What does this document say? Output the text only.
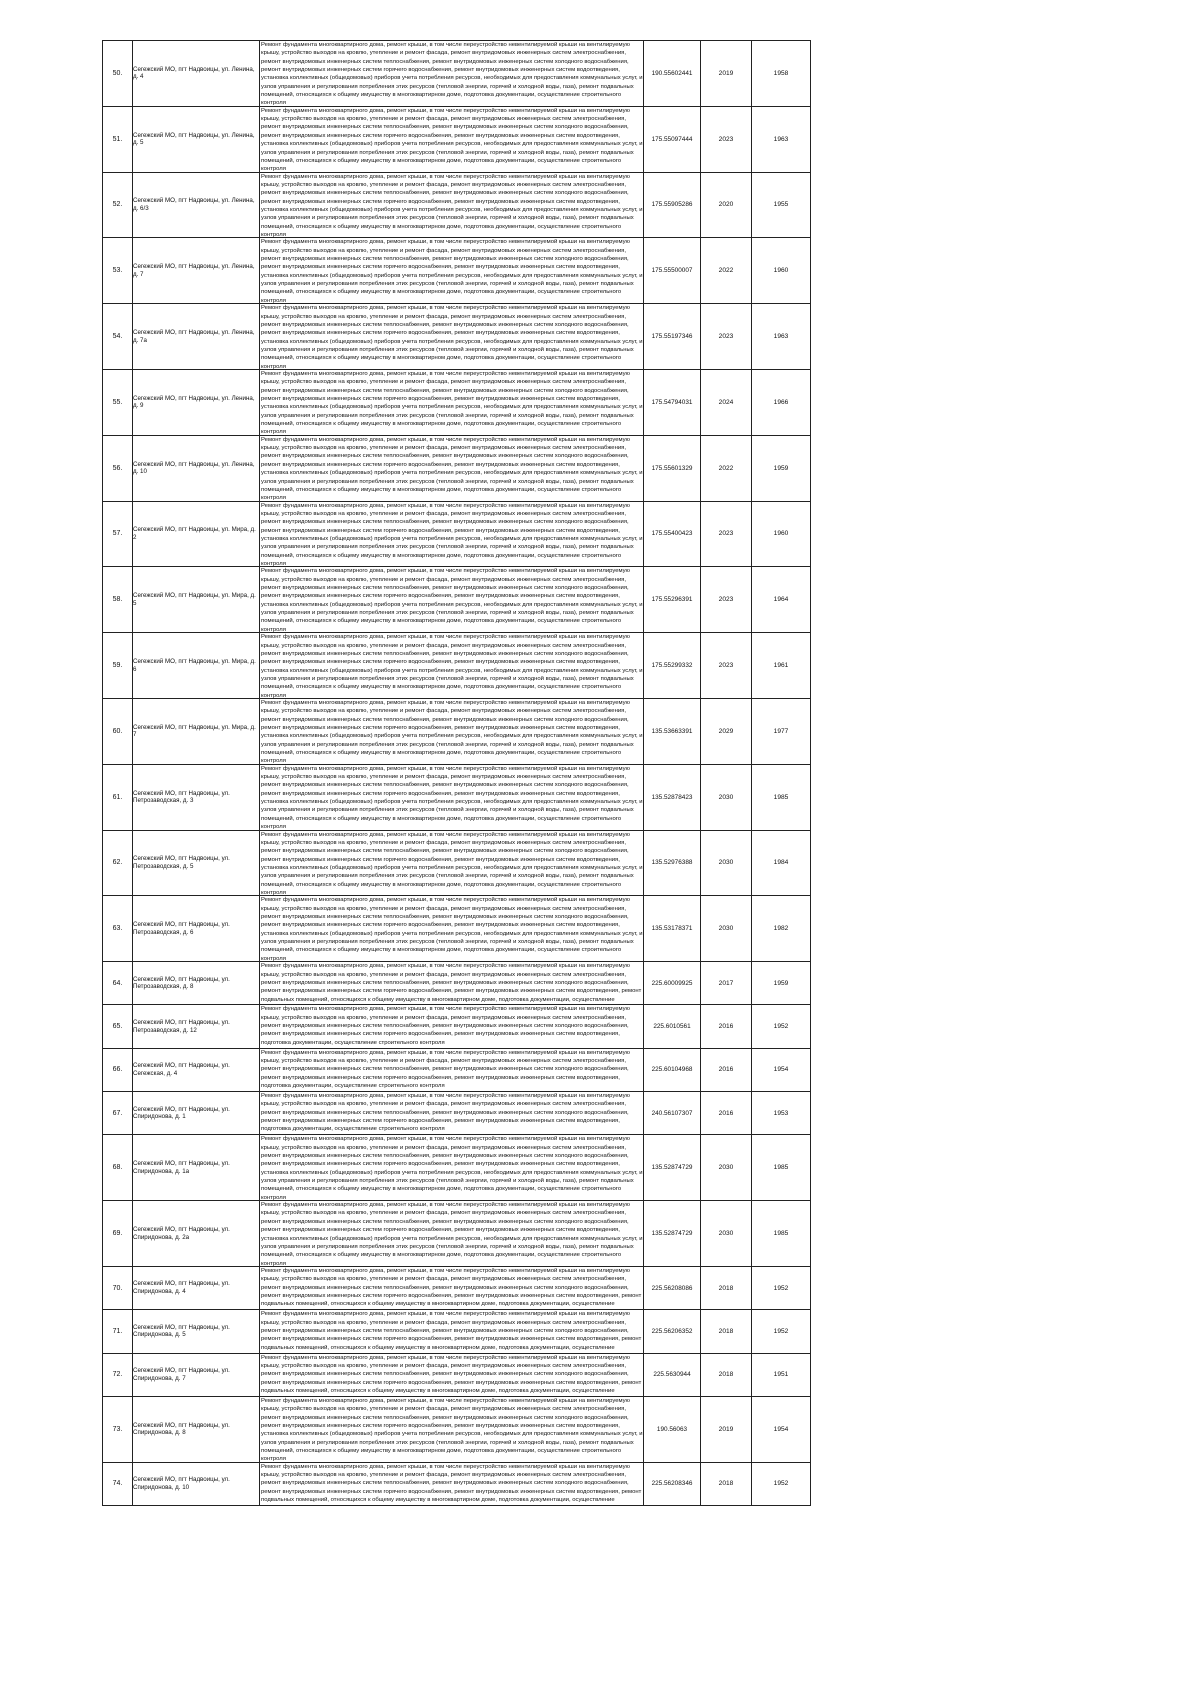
50.	Сегежский МО, пгт Надвоицы, ул. Ленина, д. 4	Ремонт фундамента многоквартирного дома, ремонт крыши, в том числе переустройство невентилируемой крыши на вентилируемую крышу, устройство выходов на кровлю, утепление и ремонт фасада, ремонт внутридомовых инженерных систем электроснабжения, ремонт внутридомовых инженерных систем теплоснабжения, ремонт внутридомовых инженерных систем холодного водоснабжения, ремонт внутридомовых инженерных систем горячего водоснабжения, ремонт внутридомовых инженерных систем водоотведения, установка коллективных (общедомовых) приборов учета потребления ресурсов, необходимых для предоставления коммунальных услуг, и узлов управления и регулирования потребления этих ресурсов (тепловой энергии, горячей и холодной воды, газа), ремонт подвальных помещений, относящихся к общему имуществу в многоквартирном доме, подготовка документации, осуществление строительного контроля	190.55602441	2019	1958
51.	Сегежский МО, пгт Надвоицы, ул. Ленина, д. 5	Ремонт фундамента многоквартирного дома, ремонт крыши, в том числе переустройство невентилируемой крыши на вентилируемую крышу, устройство выходов на кровлю, утепление и ремонт фасада, ремонт внутридомовых инженерных систем электроснабжения, ремонт внутридомовых инженерных систем теплоснабжения, ремонт внутридомовых инженерных систем холодного водоснабжения, ремонт внутридомовых инженерных систем горячего водоснабжения, ремонт внутридомовых инженерных систем водоотведения, установка коллективных (общедомовых) приборов учета потребления ресурсов, необходимых для предоставления коммунальных услуг, и узлов управления и регулирования потребления этих ресурсов (тепловой энергии, горячей и холодной воды, газа), ремонт подвальных помещений, относящихся к общему имуществу в многоквартирном доме, подготовка документации, осуществление строительного контроля	175.55097444	2023	1963
52.	Сегежский МО, пгт Надвоицы, ул. Ленина, д. 6/3	Ремонт фундамента многоквартирного дома, ремонт крыши, в том числе переустройство невентилируемой крыши на вентилируемую крышу, устройство выходов на кровлю, утепление и ремонт фасада, ремонт внутридомовых инженерных систем электроснабжения, ремонт внутридомовых инженерных систем теплоснабжения, ремонт внутридомовых инженерных систем холодного водоснабжения, ремонт внутридомовых инженерных систем горячего водоснабжения, ремонт внутридомовых инженерных систем водоотведения, установка коллективных (общедомовых) приборов учета потребления ресурсов, необходимых для предоставления коммунальных услуг, и узлов управления и регулирования потребления этих ресурсов (тепловой энергии, горячей и холодной воды, газа), ремонт подвальных помещений, относящихся к общему имуществу в многоквартирном доме, подготовка документации, осуществление строительного контроля	175.55905286	2020	1955
53.	Сегежский МО, пгт Надвоицы, ул. Ленина, д. 7	Ремонт фундамента многоквартирного дома, ремонт крыши, в том числе переустройство невентилируемой крыши на вентилируемую крышу, устройство выходов на кровлю, утепление и ремонт фасада, ремонт внутридомовых инженерных систем электроснабжения, ремонт внутридомовых инженерных систем теплоснабжения, ремонт внутридомовых инженерных систем холодного водоснабжения, ремонт внутридомовых инженерных систем горячего водоснабжения, ремонт внутридомовых инженерных систем водоотведения, установка коллективных (общедомовых) приборов учета потребления ресурсов, необходимых для предоставления коммунальных услуг, и узлов управления и регулирования потребления этих ресурсов (тепловой энергии, горячей и холодной воды, газа), ремонт подвальных помещений, относящихся к общему имуществу в многоквартирном доме, подготовка документации, осуществление строительного контроля	175.55500007	2022	1960
54.	Сегежский МО, пгт Надвоицы, ул. Ленина, д. 7а	Ремонт фундамента многоквартирного дома, ремонт крыши, в том числе переустройство невентилируемой крыши на вентилируемую крышу, устройство выходов на кровлю, утепление и ремонт фасада, ремонт внутридомовых инженерных систем электроснабжения, ремонт внутридомовых инженерных систем теплоснабжения, ремонт внутридомовых инженерных систем холодного водоснабжения, ремонт внутридомовых инженерных систем горячего водоснабжения, ремонт внутридомовых инженерных систем водоотведения, установка коллективных (общедомовых) приборов учета потребления ресурсов, необходимых для предоставления коммунальных услуг, и узлов управления и регулирования потребления этих ресурсов (тепловой энергии, горячей и холодной воды, газа), ремонт подвальных помещений, относящихся к общему имуществу в многоквартирном доме, подготовка документации, осуществление строительного контроля	175.55197346	2023	1963
55.	Сегежский МО, пгт Надвоицы, ул. Ленина, д. 9	Ремонт фундамента многоквартирного дома, ремонт крыши, в том числе переустройство невентилируемой крыши на вентилируемую крышу, устройство выходов на кровлю, утепление и ремонт фасада, ремонт внутридомовых инженерных систем электроснабжения, ремонт внутридомовых инженерных систем теплоснабжения, ремонт внутридомовых инженерных систем холодного водоснабжения, ремонт внутридомовых инженерных систем горячего водоснабжения, ремонт внутридомовых инженерных систем водоотведения, установка коллективных (общедомовых) приборов учета потребления ресурсов, необходимых для предоставления коммунальных услуг, и узлов управления и регулирования потребления этих ресурсов (тепловой энергии, горячей и холодной воды, газа), ремонт подвальных помещений, относящихся к общему имуществу в многоквартирном доме, подготовка документации, осуществление строительного контроля	175.54794031	2024	1966
56.	Сегежский МО, пгт Надвоицы, ул. Ленина, д. 10	Ремонт фундамента многоквартирного дома, ремонт крыши, в том числе переустройство невентилируемой крыши на вентилируемую крышу, устройство выходов на кровлю, утепление и ремонт фасада, ремонт внутридомовых инженерных систем электроснабжения, ремонт внутридомовых инженерных систем теплоснабжения, ремонт внутридомовых инженерных систем холодного водоснабжения, ремонт внутридомовых инженерных систем горячего водоснабжения, ремонт внутридомовых инженерных систем водоотведения, установка коллективных (общедомовых) приборов учета потребления ресурсов, необходимых для предоставления коммунальных услуг, и узлов управления и регулирования потребления этих ресурсов (тепловой энергии, горячей и холодной воды, газа), ремонт подвальных помещений, относящихся к общему имуществу в многоквартирном доме, подготовка документации, осуществление строительного контроля	175.55601329	2022	1959
57.	Сегежский МО, пгт Надвоицы, ул. Мира, д. 2	Ремонт фундамента многоквартирного дома, ремонт крыши, в том числе переустройство невентилируемой крыши на вентилируемую крышу, устройство выходов на кровлю, утепление и ремонт фасада, ремонт внутридомовых инженерных систем электроснабжения, ремонт внутридомовых инженерных систем теплоснабжения, ремонт внутридомовых инженерных систем холодного водоснабжения, ремонт внутридомовых инженерных систем горячего водоснабжения, ремонт внутридомовых инженерных систем водоотведения, установка коллективных (общедомовых) приборов учета потребления ресурсов, необходимых для предоставления коммунальных услуг, и узлов управления и регулирования потребления этих ресурсов (тепловой энергии, горячей и холодной воды, газа), ремонт подвальных помещений, относящихся к общему имуществу в многоквартирном доме, подготовка документации, осуществление строительного контроля	175.55400423	2023	1960
58.	Сегежский МО, пгт Надвоицы, ул. Мира, д. 5	Ремонт фундамента многоквартирного дома, ремонт крыши, в том числе переустройство невентилируемой крыши на вентилируемую крышу, устройство выходов на кровлю, утепление и ремонт фасада, ремонт внутридомовых инженерных систем электроснабжения, ремонт внутридомовых инженерных систем теплоснабжения, ремонт внутридомовых инженерных систем холодного водоснабжения, ремонт внутридомовых инженерных систем горячего водоснабжения, ремонт внутридомовых инженерных систем водоотведения, установка коллективных (общедомовых) приборов учета потребления ресурсов, необходимых для предоставления коммунальных услуг, и узлов управления и регулирования потребления этих ресурсов (тепловой энергии, горячей и холодной воды, газа), ремонт подвальных помещений, относящихся к общему имуществу в многоквартирном доме, подготовка документации, осуществление строительного контроля	175.55296391	2023	1964
59.	Сегежский МО, пгт Надвоицы, ул. Мира, д. 6	Ремонт фундамента многоквартирного дома, ремонт крыши, в том числе переустройство невентилируемой крыши на вентилируемую крышу, устройство выходов на кровлю, утепление и ремонт фасада, ремонт внутридомовых инженерных систем электроснабжения, ремонт внутридомовых инженерных систем теплоснабжения, ремонт внутридомовых инженерных систем холодного водоснабжения, ремонт внутридомовых инженерных систем горячего водоснабжения, ремонт внутридомовых инженерных систем водоотведения, установка коллективных (общедомовых) приборов учета потребления ресурсов, необходимых для предоставления коммунальных услуг, и узлов управления и регулирования потребления этих ресурсов (тепловой энергии, горячей и холодной воды, газа), ремонт подвальных помещений, относящихся к общему имуществу в многоквартирном доме, подготовка документации, осуществление строительного контроля	175.55299332	2023	1961
60.	Сегежский МО, пгт Надвоицы, ул. Мира, д. 7	Ремонт фундамента многоквартирного дома, ремонт крыши, в том числе переустройство невентилируемой крыши на вентилируемую крышу, устройство выходов на кровлю, утепление и ремонт фасада, ремонт внутридомовых инженерных систем электроснабжения, ремонт внутридомовых инженерных систем теплоснабжения, ремонт внутридомовых инженерных систем холодного водоснабжения, ремонт внутридомовых инженерных систем горячего водоснабжения, ремонт внутридомовых инженерных систем водоотведения, установка коллективных (общедомовых) приборов учета потребления ресурсов, необходимых для предоставления коммунальных услуг, и узлов управления и регулирования потребления этих ресурсов (тепловой энергии, горячей и холодной воды, газа), ремонт подвальных помещений, относящихся к общему имуществу в многоквартирном доме, подготовка документации, осуществление строительного контроля	135.53663391	2029	1977
61.	Сегежский МО, пгт Надвоицы, ул. Петрозаводская, д. 3	Ремонт фундамента многоквартирного дома, ремонт крыши, в том числе переустройство невентилируемой крыши на вентилируемую крышу, устройство выходов на кровлю, утепление и ремонт фасада, ремонт внутридомовых инженерных систем электроснабжения, ремонт внутридомовых инженерных систем теплоснабжения, ремонт внутридомовых инженерных систем холодного водоснабжения, ремонт внутридомовых инженерных систем горячего водоснабжения, ремонт внутридомовых инженерных систем водоотведения, установка коллективных (общедомовых) приборов учета потребления ресурсов, необходимых для предоставления коммунальных услуг, и узлов управления и регулирования потребления этих ресурсов (тепловой энергии, горячей и холодной воды, газа), ремонт подвальных помещений, относящихся к общему имуществу в многоквартирном доме, подготовка документации, осуществление строительного контроля	135.52878423	2030	1985
62.	Сегежский МО, пгт Надвоицы, ул. Петрозаводская, д. 5	Ремонт фундамента многоквартирного дома, ремонт крыши, в том числе переустройство невентилируемой крыши на вентилируемую крышу, устройство выходов на кровлю, утепление и ремонт фасада, ремонт внутридомовых инженерных систем электроснабжения, ремонт внутридомовых инженерных систем теплоснабжения, ремонт внутридомовых инженерных систем холодного водоснабжения, ремонт внутридомовых инженерных систем горячего водоснабжения, ремонт внутридомовых инженерных систем водоотведения, установка коллективных (общедомовых) приборов учета потребления ресурсов, необходимых для предоставления коммунальных услуг, и узлов управления и регулирования потребления этих ресурсов (тепловой энергии, горячей и холодной воды, газа), ремонт подвальных помещений, относящихся к общему имуществу в многоквартирном доме, подготовка документации, осуществление строительного контроля	135.52976388	2030	1984
63.	Сегежский МО, пгт Надвоицы, ул. Петрозаводская, д. 6	Ремонт фундамента многоквартирного дома, ремонт крыши, в том числе переустройство невентилируемой крыши на вентилируемую крышу, устройство выходов на кровлю, утепление и ремонт фасада, ремонт внутридомовых инженерных систем электроснабжения, ремонт внутридомовых инженерных систем теплоснабжения, ремонт внутридомовых инженерных систем холодного водоснабжения, ремонт внутридомовых инженерных систем горячего водоснабжения, ремонт внутридомовых инженерных систем водоотведения, установка коллективных (общедомовых) приборов учета потребления ресурсов, необходимых для предоставления коммунальных услуг, и узлов управления и регулирования потребления этих ресурсов (тепловой энергии, горячей и холодной воды, газа), ремонт подвальных помещений, относящихся к общему имуществу в многоквартирном доме, подготовка документации, осуществление строительного контроля	135.53178371	2030	1982
64.	Сегежский МО, пгт Надвоицы, ул. Петрозаводская, д. 8	Ремонт фундамента многоквартирного дома, ремонт крыши, в том числе переустройство невентилируемой крыши на вентилируемую крышу, устройство выходов на кровлю, утепление и ремонт фасада, ремонт внутридомовых инженерных систем электроснабжения, ремонт внутридомовых инженерных систем теплоснабжения, ремонт внутридомовых инженерных систем холодного водоснабжения, ремонт внутридомовых инженерных систем горячего водоснабжения, ремонт внутридомовых инженерных систем водоотведения, ремонт подвальных помещений, относящихся к общему имуществу в многоквартирном доме, подготовка документации, осуществление	225.60009925	2017	1959
65.	Сегежский МО, пгт Надвоицы, ул. Петрозаводская, д. 12	Ремонт фундамента многоквартирного дома, ремонт крыши, в том числе переустройство невентилируемой крыши на вентилируемую крышу, устройство выходов на кровлю, утепление и ремонт фасада, ремонт внутридомовых инженерных систем электроснабжения, ремонт внутридомовых инженерных систем теплоснабжения, ремонт внутридомовых инженерных систем холодного водоснабжения, ремонт внутридомовых инженерных систем горячего водоснабжения, ремонт внутридомовых инженерных систем водоотведения, подготовка документации, осуществление строительного контроля	225.6010561	2016	1952
66.	Сегежский МО, пгт Надвоицы, ул. Сегежская, д. 4	Ремонт фундамента многоквартирного дома, ремонт крыши, в том числе переустройство невентилируемой крыши на вентилируемую крышу, устройство выходов на кровлю, утепление и ремонт фасада, ремонт внутридомовых инженерных систем электроснабжения, ремонт внутридомовых инженерных систем теплоснабжения, ремонт внутридомовых инженерных систем холодного водоснабжения, ремонт внутридомовых инженерных систем горячего водоснабжения, ремонт внутридомовых инженерных систем водоотведения, подготовка документации, осуществление строительного контроля	225.60104968	2016	1954
67.	Сегежский МО, пгт Надвоицы, ул. Спиридонова, д. 1	Ремонт фундамента многоквартирного дома, ремонт крыши, в том числе переустройство невентилируемой крыши на вентилируемую крышу, устройство выходов на кровлю, утепление и ремонт фасада, ремонт внутридомовых инженерных систем электроснабжения, ремонт внутридомовых инженерных систем теплоснабжения, ремонт внутридомовых инженерных систем холодного водоснабжения, ремонт внутридомовых инженерных систем горячего водоснабжения, ремонт внутридомовых инженерных систем водоотведения, подготовка документации, осуществление строительного контроля	240.56107307	2016	1953
68.	Сегежский МО, пгт Надвоицы, ул. Спиридонова, д. 1а	Ремонт фундамента многоквартирного дома, ремонт крыши, в том числе переустройство невентилируемой крыши на вентилируемую крышу, устройство выходов на кровлю, утепление и ремонт фасада, ремонт внутридомовых инженерных систем электроснабжения, ремонт внутридомовых инженерных систем теплоснабжения, ремонт внутридомовых инженерных систем холодного водоснабжения, ремонт внутридомовых инженерных систем горячего водоснабжения, ремонт внутридомовых инженерных систем водоотведения, установка коллективных (общедомовых) приборов учета потребления ресурсов, необходимых для предоставления коммунальных услуг, и узлов управления и регулирования потребления этих ресурсов (тепловой энергии, горячей и холодной воды, газа), ремонт подвальных помещений, относящихся к общему имуществу в многоквартирном доме, подготовка документации, осуществление строительного контроля	135.52874729	2030	1985
69.	Сегежский МО, пгт Надвоицы, ул. Спиридонова, д. 2а	Ремонт фундамента многоквартирного дома, ремонт крыши, в том числе переустройство невентилируемой крыши на вентилируемую крышу, устройство выходов на кровлю, утепление и ремонт фасада, ремонт внутридомовых инженерных систем электроснабжения, ремонт внутридомовых инженерных систем теплоснабжения, ремонт внутридомовых инженерных систем холодного водоснабжения, ремонт внутридомовых инженерных систем горячего водоснабжения, ремонт внутридомовых инженерных систем водоотведения, установка коллективных (общедомовых) приборов учета потребления ресурсов, необходимых для предоставления коммунальных услуг, и узлов управления и регулирования потребления этих ресурсов (тепловой энергии, горячей и холодной воды, газа), ремонт подвальных помещений, относящихся к общему имуществу в многоквартирном доме, подготовка документации, осуществление строительного контроля	135.52874729	2030	1985
70.	Сегежский МО, пгт Надвоицы, ул. Спиридонова, д. 4	Ремонт фундамента многоквартирного дома, ремонт крыши, в том числе переустройство невентилируемой крыши на вентилируемую крышу, устройство выходов на кровлю, утепление и ремонт фасада, ремонт внутридомовых инженерных систем электроснабжения, ремонт внутридомовых инженерных систем теплоснабжения, ремонт внутридомовых инженерных систем холодного водоснабжения, ремонт внутридомовых инженерных систем горячего водоснабжения, ремонт внутридомовых инженерных систем водоотведения, ремонт подвальных помещений, относящихся к общему имуществу в многоквартирном доме, подготовка документации, осуществление	225.56208086	2018	1952
71.	Сегежский МО, пгт Надвоицы, ул. Спиридонова, д. 5	Ремонт фундамента многоквартирного дома, ремонт крыши, в том числе переустройство невентилируемой крыши на вентилируемую крышу, устройство выходов на кровлю, утепление и ремонт фасада, ремонт внутридомовых инженерных систем электроснабжения, ремонт внутридомовых инженерных систем теплоснабжения, ремонт внутридомовых инженерных систем холодного водоснабжения, ремонт внутридомовых инженерных систем горячего водоснабжения, ремонт внутридомовых инженерных систем водоотведения, ремонт подвальных помещений, относящихся к общему имуществу в многоквартирном доме, подготовка документации, осуществление	225.56206352	2018	1952
72.	Сегежский МО, пгт Надвоицы, ул. Спиридонова, д. 7	Ремонт фундамента многоквартирного дома, ремонт крыши, в том числе переустройство невентилируемой крыши на вентилируемую крышу, устройство выходов на кровлю, утепление и ремонт фасада, ремонт внутридомовых инженерных систем электроснабжения, ремонт внутридомовых инженерных систем теплоснабжения, ремонт внутридомовых инженерных систем холодного водоснабжения, ремонт внутридомовых инженерных систем горячего водоснабжения, ремонт внутридомовых инженерных систем водоотведения, ремонт подвальных помещений, относящихся к общему имуществу в многоквартирном доме, подготовка документации, осуществление	225.5630944	2018	1951
73.	Сегежский МО, пгт Надвоицы, ул. Спиридонова, д. 8	Ремонт фундамента многоквартирного дома, ремонт крыши, в том числе переустройство невентилируемой крыши на вентилируемую крышу, устройство выходов на кровлю, утепление и ремонт фасада, ремонт внутридомовых инженерных систем электроснабжения, ремонт внутридомовых инженерных систем теплоснабжения, ремонт внутридомовых инженерных систем холодного водоснабжения, ремонт внутридомовых инженерных систем горячего водоснабжения, ремонт внутридомовых инженерных систем водоотведения, установка коллективных (общедомовых) приборов учета потребления ресурсов, необходимых для предоставления коммунальных услуг, и узлов управления и регулирования потребления этих ресурсов (тепловой энергии, горячей и холодной воды, газа), ремонт подвальных помещений, относящихся к общему имуществу в многоквартирном доме, подготовка документации, осуществление строительного контроля	190.56063	2019	1954
74.	Сегежский МО, пгт Надвоицы, ул. Спиридонова, д. 10	Ремонт фундамента многоквартирного дома, ремонт крыши, в том числе переустройство невентилируемой крыши на вентилируемую крышу, устройство выходов на кровлю, утепление и ремонт фасада, ремонт внутридомовых инженерных систем электроснабжения, ремонт внутридомовых инженерных систем теплоснабжения, ремонт внутридомовых инженерных систем холодного водоснабжения, ремонт внутридомовых инженерных систем горячего водоснабжения, ремонт внутридомовых инженерных систем водоотведения, ремонт подвальных помещений, относящихся к общему имуществу в многоквартирном доме, подготовка документации, осуществление	225.56208346	2018	1952
